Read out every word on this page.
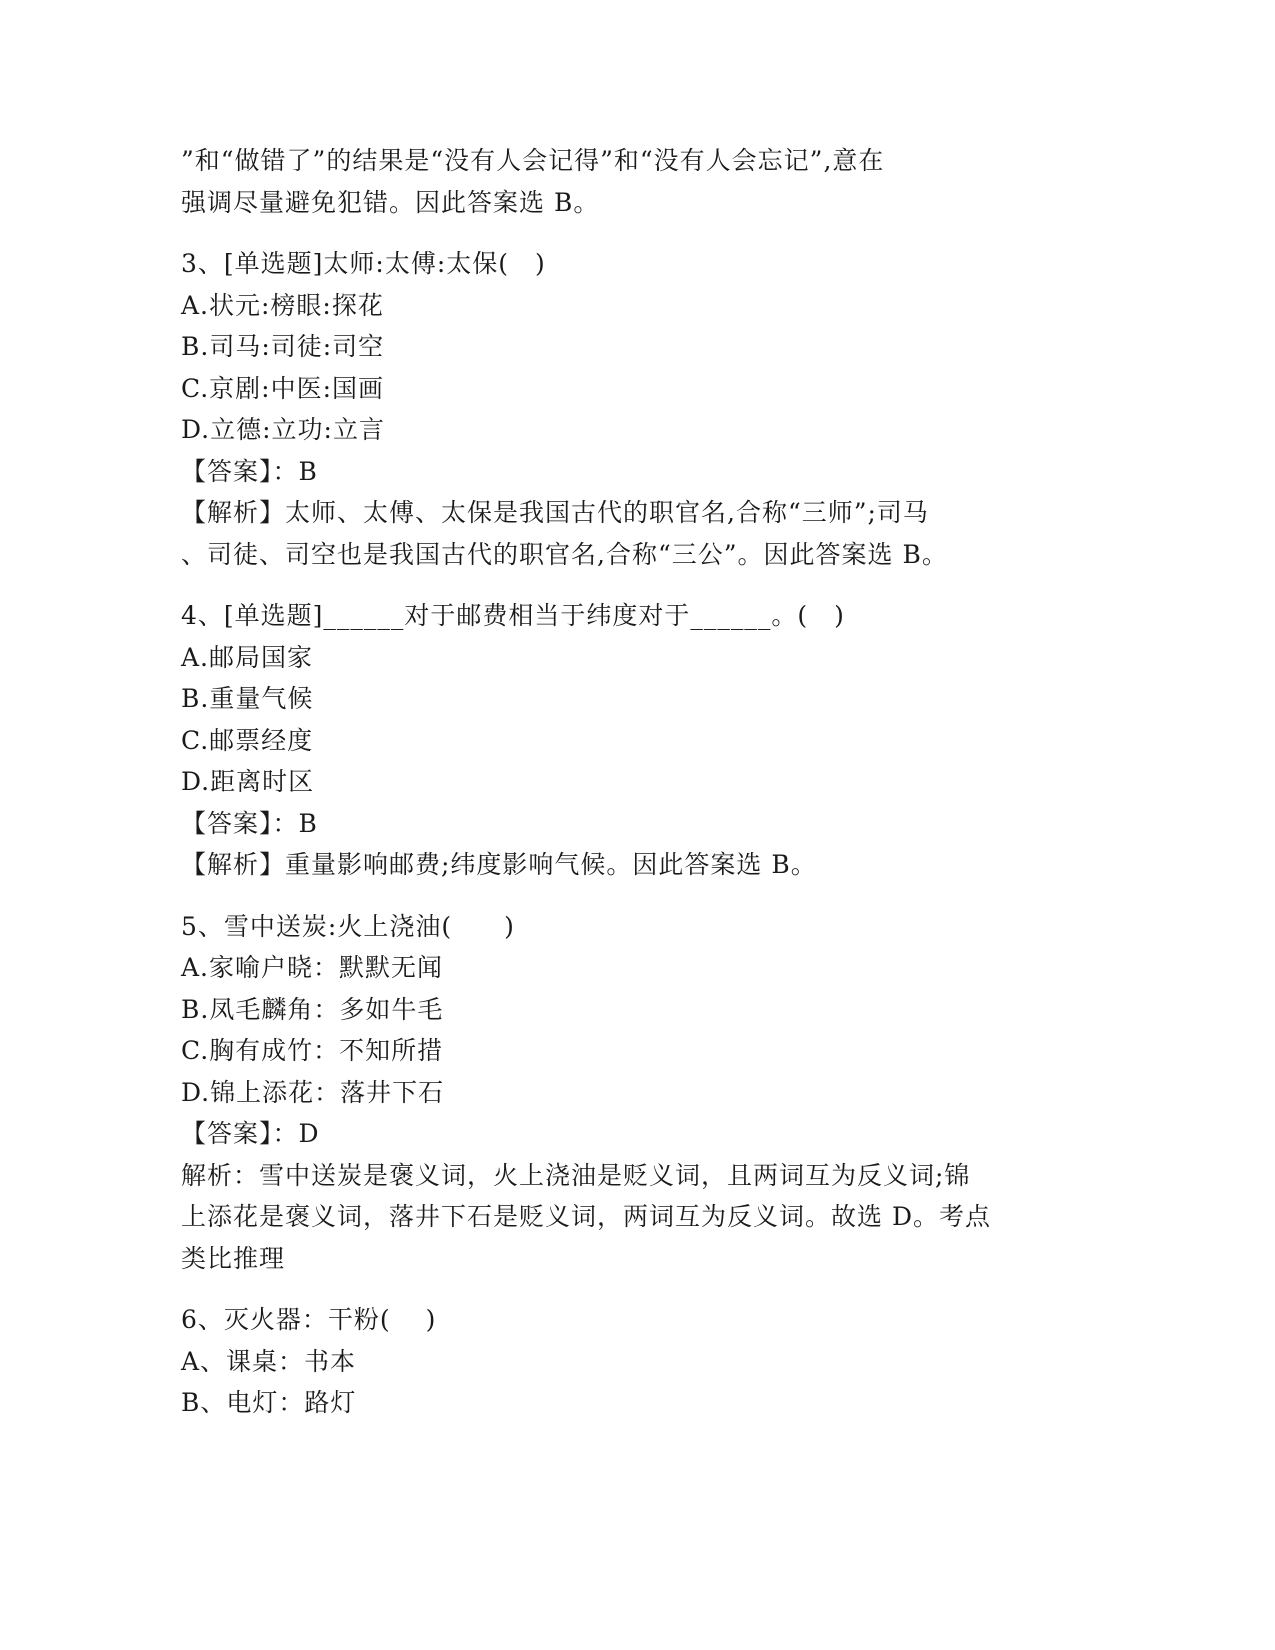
”和“做错了”的结果是“没有人会记得”和“没有人会忘记”,意在
强调尽量避免犯错。因此答案选 B。
3、[单选题]太师:太傅:太保(　)
A.状元:榜眼:探花
B.司马:司徒:司空
C.京剧:中医:国画
D.立德:立功:立言
【答案】：B
【解析】太师、太傅、太保是我国古代的职官名,合称“三师”;司马
、司徒、司空也是我国古代的职官名,合称“三公”。因此答案选 B。
4、[单选题]______对于邮费相当于纬度对于______。(　)
A.邮局国家
B.重量气候
C.邮票经度
D.距离时区
【答案】：B
【解析】重量影响邮费;纬度影响气候。因此答案选 B。
5、雪中送炭:火上浇油(　　)
A.家喻户晓：默默无闻
B.凤毛麟角：多如牛毛
C.胸有成竹：不知所措
D.锦上添花：落井下石
【答案】：D
解析：雪中送炭是褒义词，火上浇油是贬义词，且两词互为反义词;锦
上添花是褒义词，落井下石是贬义词，两词互为反义词。故选 D。考点
类比推理
6、灭火器：干粉(　 )
A、课桌：书本
B、电灯：路灯
